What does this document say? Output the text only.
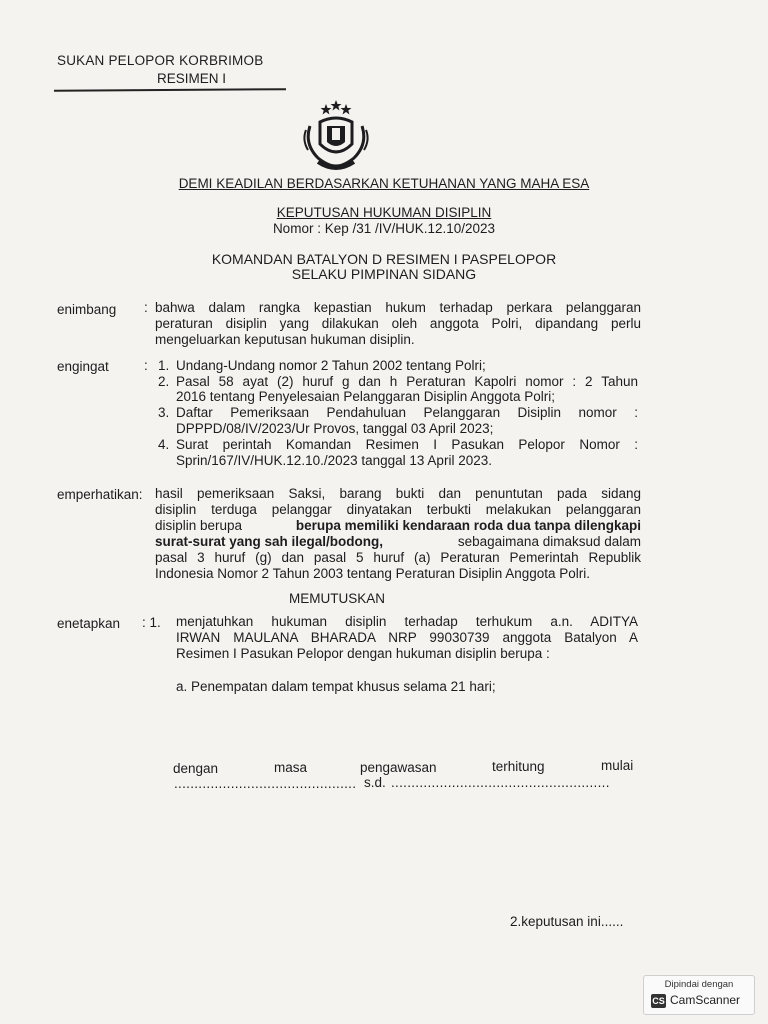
SUKAN PELOPOR KORBRIMOB
RESIMEN I
DEMI KEADILAN BERDASARKAN KETUHANAN YANG MAHA ESA
KEPUTUSAN HUKUMAN DISIPLIN
Nomor : Kep /31 /IV/HUK.12.10/2023
KOMANDAN BATALYON D RESIMEN I PASPELOPOR
SELAKU PIMPINAN SIDANG
enimbang : bahwa dalam rangka kepastian hukum terhadap perkara pelanggaran
peraturan disiplin yang dilakukan oleh anggota Polri, dipandang perlu
mengeluarkan keputusan hukuman disiplin.
engingat	: 1. Undang-Undang nomor 2 Tahun 2002 tentang Polri;
2. Pasal 58 ayat (2) huruf g dan h Peraturan Kapolri nomor : 2 Tahun
2016 tentang Penyelesaian Pelanggaran Disiplin Anggota Polri;
3. Daftar Pemeriksaan Pendahuluan Pelanggaran Disiplin nomor :
DPPPD/08/IV/2023/Ur Provos, tanggal 03 April 2023;
4. Surat perintah Komandan Resimen I Pasukan Pelopor Nomor :
Sprin/167/IV/HUK.12.10./2023 tanggal 13 April 2023.
emperhatikan: hasil pemeriksaan Saksi, barang bukti dan penuntutan pada sidang
disiplin terduga pelanggar dinyatakan terbukti melakukan pelanggaran
disiplin berupa	berupa memiliki kendaraan roda dua tanpa dilengkapi
surat-surat yang sah ilegal/bodong,	sebagaimana dimaksud dalam
pasal 3 huruf (g) dan pasal 5 huruf (a) Peraturan Pemerintah Republik
Indonesia Nomor 2 Tahun 2003 tentang Peraturan Disiplin Anggota Polri.
MEMUTUSKAN
enetapkan : 1. menjatuhkan hukuman disiplin terhadap terhukum a.n. ADITYA
IRWAN MAULANA BHARADA NRP 99030739 anggota Batalyon A
Resimen I Pasukan Pelopor dengan hukuman disiplin berupa :
a. Penempatan dalam tempat khusus selama 21 hari;
dengan	masa	pengawasan	terhitung	mulai
............................................. s.d. ......................................................
2.keputusan ini......
Dipindai dengan
CS CamScanner
